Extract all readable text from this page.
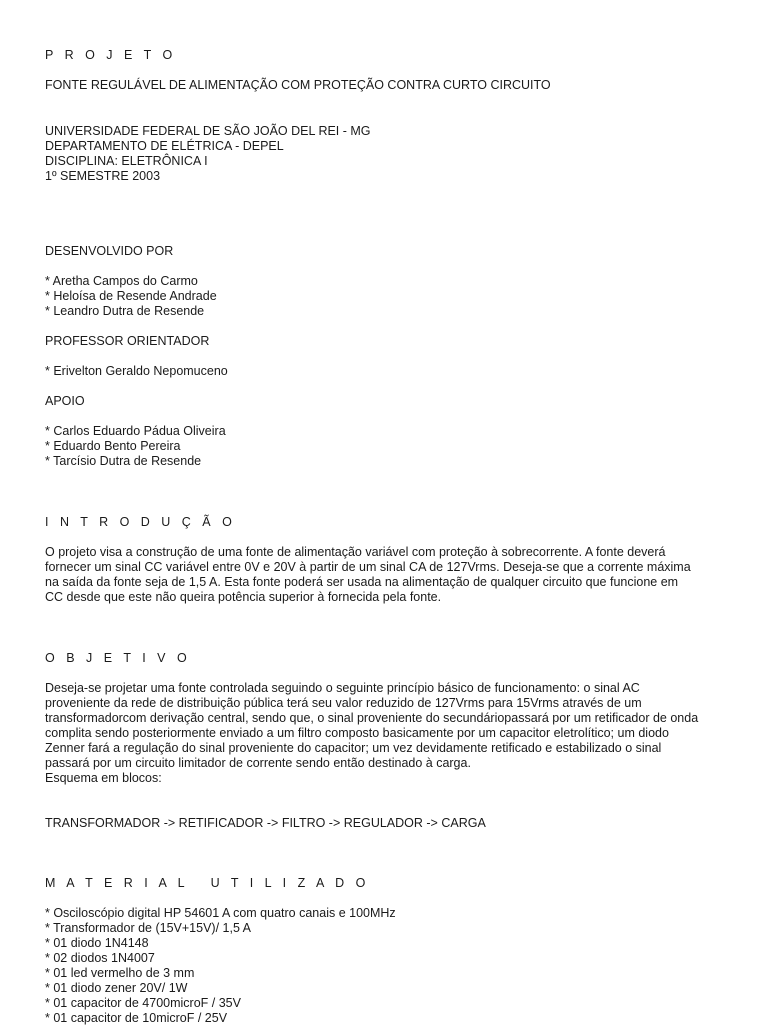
P R O J E T O

FONTE REGULÁVEL DE ALIMENTAÇÃO COM PROTEÇÃO CONTRA CURTO CIRCUITO

UNIVERSIDADE FEDERAL DE SÃO JOÃO DEL REI - MG

DEPARTAMENTO DE ELÉTRICA - DEPEL

DISCIPLINA: ELETRÔNICA I

1º SEMESTRE 2003

DESENVOLVIDO POR

* Aretha Campos do Carmo

* Heloísa de Resende Andrade

* Leandro Dutra de Resende

PROFESSOR ORIENTADOR

* Erivelton Geraldo Nepomuceno

APOIO

* Carlos Eduardo Pádua Oliveira

* Eduardo Bento Pereira

* Tarcísio Dutra de Resende

I N T R O D U Ç Ã O

O projeto visa a construção de uma fonte de alimentação variável com proteção à sobrecorrente. A fonte deverá

fornecer um sinal CC variável entre 0V e 20V à partir de um sinal CA de 127Vrms. Deseja-se que a corrente máxima

na saída da fonte seja de 1,5 A. Esta fonte poderá ser usada na alimentação de qualquer circuito que funcione em

CC desde que este não queira potência superior à fornecida pela fonte.

O B J E T I V O

Deseja-se projetar uma fonte controlada seguindo o seguinte princípio básico de funcionamento: o sinal AC

proveniente da rede de distribuição pública terá seu valor reduzido de 127Vrms para 15Vrms através de um

transformadorcom derivação central, sendo que, o sinal proveniente do secundáriopassará por um retificador de onda

complita sendo posteriormente enviado a um filtro composto basicamente por um capacitor eletrolítico; um diodo

Zenner fará a regulação do sinal proveniente do capacitor; um vez devidamente retificado e estabilizado o sinal

passará por um circuito limitador de corrente sendo então destinado à carga.

Esquema em blocos:

TRANSFORMADOR -> RETIFICADOR -> FILTRO -> REGULADOR -> CARGA

M A T E R I A L   U T I L I Z A D O

* Osciloscópio digital HP 54601 A com quatro canais e 100MHz

* Transformador de (15V+15V)/ 1,5 A

* 01 diodo 1N4148

* 02 diodos 1N4007

* 01 led vermelho de 3 mm

* 01 diodo zener 20V/ 1W

* 01 capacitor de 4700microF / 35V

* 01 capacitor de 10microF / 25V
